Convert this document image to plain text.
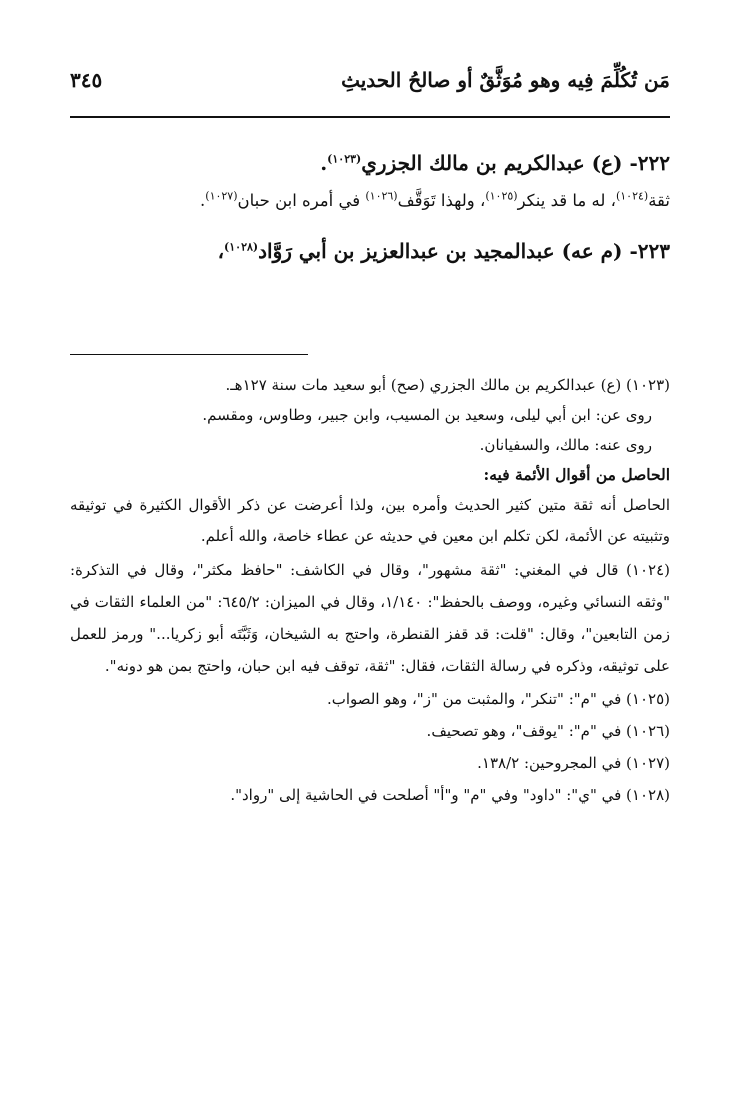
مَن تُكُلِّمَ فِيه وهو مُوَثَّقٌ أو صالحُ الحديثِ
٣٤٥
٢٢٢- (ع) عبدالكريم بن مالك الجزري$^{(١٠٢٣)}$.
ثقة$^{(١٠٢٤)}$، له ما قد ينكر$^{(١٠٢٥)}$، ولهذا تَوَقَّف$^{(١٠٢٦)}$ في أمره ابن حبان$^{(١٠٢٧)}$.
٢٢٣- (م عه) عبدالمجيد بن عبدالعزيز بن أبي رَوَّاد$^{(١٠٢٨)}$،

(١٠٢٣) (ع) عبدالكريم بن مالك الجزري (صح) أبو سعيد مات سنة ١٢٧هـ.

روى عن: ابن أبي ليلى، وسعيد بن المسيب، وابن جبير، وطاوس، ومقسم.

روى عنه: مالك، والسفيانان.

الحاصل من أقوال الأئمة فيه:

الحاصل أنه ثقة متين كثير الحديث وأمره بين، ولذا أعرضت عن ذكر الأقوال الكثيرة في توثيقه وتثبيته عن الأئمة، لكن تكلم ابن معين في حديثه عن عطاء خاصة، والله أعلم.

(١٠٢٤) قال في المغني: "ثقة مشهور"، وقال في الكاشف: "حافظ مكثر"، وقال في التذكرة: "وثقه النسائي وغيره، ووصف بالحفظ": ١/١٤٠، وقال في الميزان: ٦٤٥/٢: "من العلماء الثقات في زمن التابعين"، وقال: "قلت: قد قفز القنطرة، واحتج به الشيخان، وَثَبَّتَه أبو زكريا..." ورمز للعمل على توثيقه، وذكره في رسالة الثقات، فقال: "ثقة، توقف فيه ابن حبان، واحتج بمن هو دونه".

(١٠٢٥) في "م": "تنكر"، والمثبت من "ز"، وهو الصواب.

(١٠٢٦) في "م": "يوقف"، وهو تصحيف.

(١٠٢٧) في المجروحين: ١٣٨/٢.

(١٠٢٨) في "ي": "داود" وفي "م" و"أ" أصلحت في الحاشية إلى "رواد".
